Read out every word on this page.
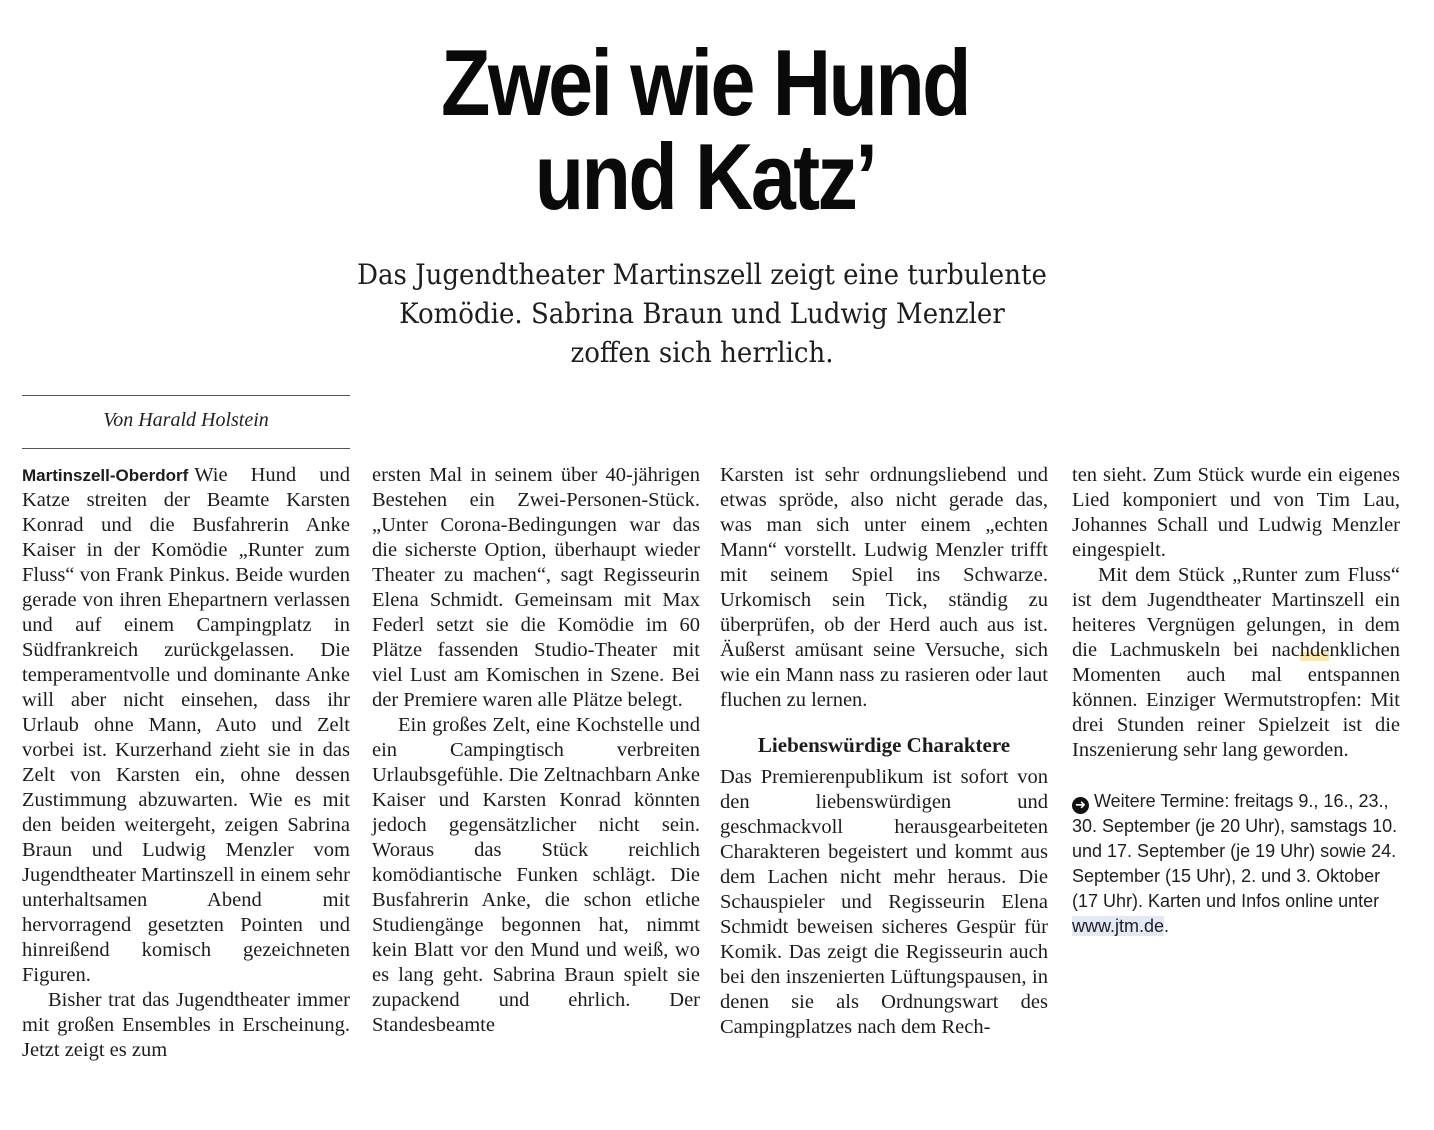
Zwei wie Hund
und Katz’
Das Jugendtheater Martinszell zeigt eine turbulente Komödie. Sabrina Braun und Ludwig Menzler zoffen sich herrlich.
Von Harald Holstein

Martinszell-Oberdorf Wie Hund und Katze streiten der Beamte Karsten Konrad und die Busfahrerin Anke Kaiser in der Komödie „Runter zum Fluss“ von Frank Pinkus. Beide wurden gerade von ihren Ehepartnern verlassen und auf einem Campingplatz in Südfrankreich zurückgelassen. Die temperamentvolle und dominante Anke will aber nicht einsehen, dass ihr Urlaub ohne Mann, Auto und Zelt vorbei ist. Kurzerhand zieht sie in das Zelt von Karsten ein, ohne dessen Zustimmung abzuwarten. Wie es mit den beiden weitergeht, zeigen Sabrina Braun und Ludwig Menzler vom Jugendtheater Martinszell in einem sehr unterhaltsamen Abend mit hervorragend gesetzten Pointen und hinreißend komisch gezeichneten Figuren.

Bisher trat das Jugendtheater immer mit großen Ensembles in Erscheinung. Jetzt zeigt es zum

ersten Mal in seinem über 40-jährigen Bestehen ein Zwei-Personen-Stück. „Unter Corona-Bedingungen war das die sicherste Option, überhaupt wieder Theater zu machen“, sagt Regisseurin Elena Schmidt. Gemeinsam mit Max Federl setzt sie die Komödie im 60 Plätze fassenden Studio-Theater mit viel Lust am Komischen in Szene. Bei der Premiere waren alle Plätze belegt.

Ein großes Zelt, eine Kochstelle und ein Campingtisch verbreiten Urlaubsgefühle. Die Zeltnachbarn Anke Kaiser und Karsten Konrad könnten jedoch gegensätzlicher nicht sein. Woraus das Stück reichlich komödiantische Funken schlägt. Die Busfahrerin Anke, die schon etliche Studiengänge begonnen hat, nimmt kein Blatt vor den Mund und weiß, wo es lang geht. Sabrina Braun spielt sie zupackend und ehrlich. Der Standesbeamte

Karsten ist sehr ordnungsliebend und etwas spröde, also nicht gerade das, was man sich unter einem „echten Mann“ vorstellt. Ludwig Menzler trifft mit seinem Spiel ins Schwarze. Urkomisch sein Tick, ständig zu überprüfen, ob der Herd auch aus ist. Äußerst amüsant seine Versuche, sich wie ein Mann nass zu rasieren oder laut fluchen zu lernen.

Liebenswürdige Charaktere

Das Premierenpublikum ist sofort von den liebenswürdigen und geschmackvoll herausgearbeiteten Charakteren begeistert und kommt aus dem Lachen nicht mehr heraus. Die Schauspieler und Regisseurin Elena Schmidt beweisen sicheres Gespür für Komik. Das zeigt die Regisseurin auch bei den inszenierten Lüftungspausen, in denen sie als Ordnungswart des Campingplatzes nach dem Rech-

ten sieht. Zum Stück wurde ein eigenes Lied komponiert und von Tim Lau, Johannes Schall und Ludwig Menzler eingespielt.

Mit dem Stück „Runter zum Fluss“ ist dem Jugendtheater Martinszell ein heiteres Vergnügen gelungen, in dem die Lachmuskeln bei nachdenklichen Momenten auch mal entspannen können. Einziger Wermutstropfen: Mit drei Stunden reiner Spielzeit ist die Inszenierung sehr lang geworden.

➜ Weitere Termine: freitags 9., 16., 23., 30. September (je 20 Uhr), samstags 10. und 17. September (je 19 Uhr) sowie 24. September (15 Uhr), 2. und 3. Oktober (17 Uhr). Karten und Infos online unter www.jtm.de.
